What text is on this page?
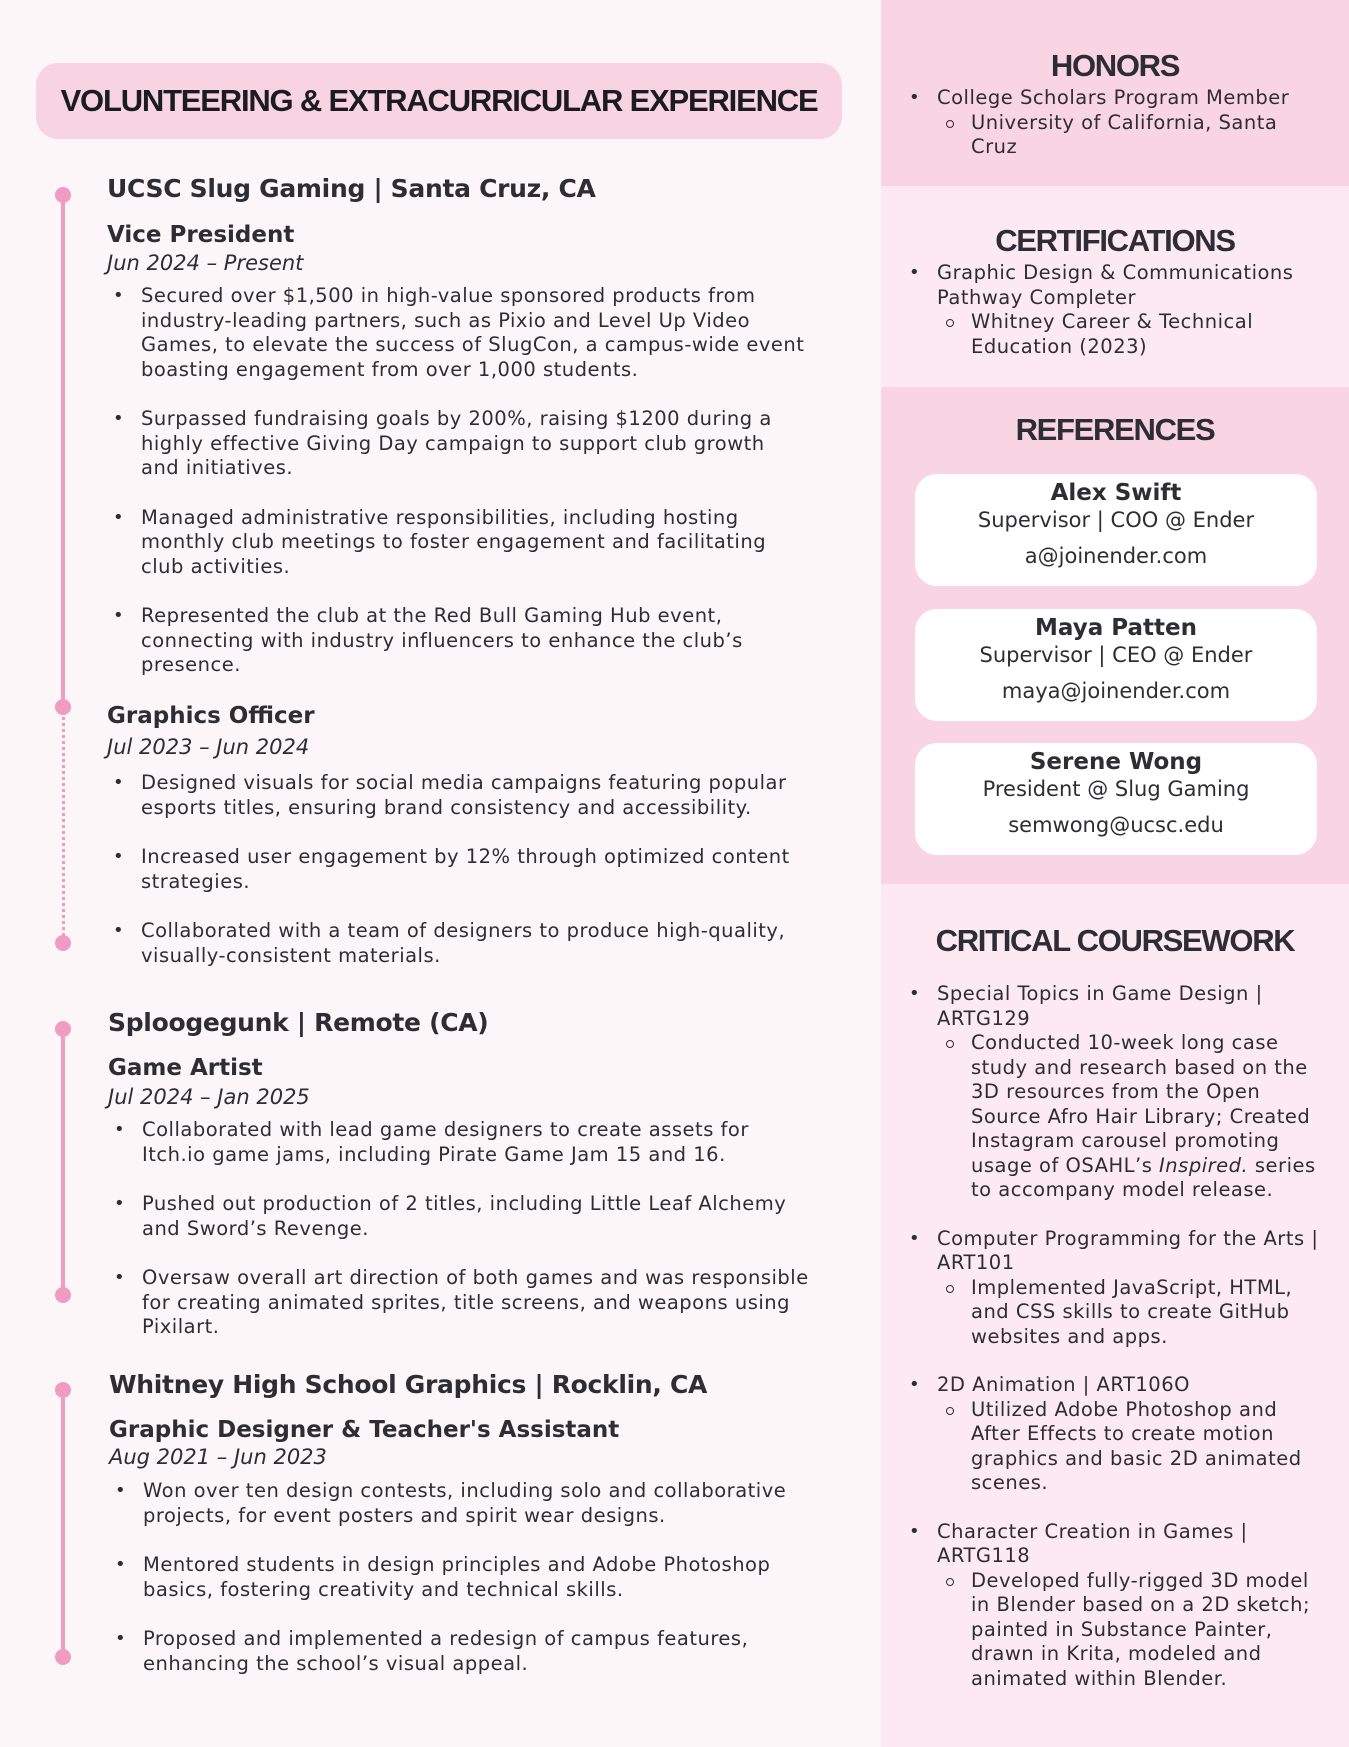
VOLUNTEERING & EXTRACURRICULAR EXPERIENCE
UCSC Slug Gaming | Santa Cruz, CA
Vice President

Jun 2024 – Present

• Secured over $1,500 in high-value sponsored products from industry-leading partners, such as Pixio and Level Up Video Games, to elevate the success of SlugCon, a campus-wide event boasting engagement from over 1,000 students.
• Surpassed fundraising goals by 200%, raising $1200 during a highly effective Giving Day campaign to support club growth and initiatives.
• Managed administrative responsibilities, including hosting monthly club meetings to foster engagement and facilitating club activities.
• Represented the club at the Red Bull Gaming Hub event, connecting with industry influencers to enhance the club’s presence.
Graphics Officer

Jul 2023 – Jun 2024

• Designed visuals for social media campaigns featuring popular esports titles, ensuring brand consistency and accessibility.
• Increased user engagement by 12% through optimized content strategies.
• Collaborated with a team of designers to produce high-quality, visually-consistent materials.
Sploogegunk | Remote (CA)
Game Artist

Jul 2024 – Jan 2025

• Collaborated with lead game designers to create assets for Itch.io game jams, including Pirate Game Jam 15 and 16.
• Pushed out production of 2 titles, including Little Leaf Alchemy and Sword’s Revenge.
• Oversaw overall art direction of both games and was responsible for creating animated sprites, title screens, and weapons using Pixilart.
Whitney High School Graphics | Rocklin, CA
Graphic Designer & Teacher's Assistant

Aug 2021 – Jun 2023

• Won over ten design contests, including solo and collaborative projects, for event posters and spirit wear designs.
• Mentored students in design principles and Adobe Photoshop basics, fostering creativity and technical skills.
• Proposed and implemented a redesign of campus features, enhancing the school’s visual appeal.
HONORS
• College Scholars Program Member
University of California, Santa Cruz
CERTIFICATIONS
• Graphic Design & Communications Pathway Completer
Whitney Career & Technical Education (2023)
REFERENCES
Alex Swift
Supervisor | COO @ Ender
a@joinender.com
Maya Patten
Supervisor | CEO @ Ender
maya@joinender.com
Serene Wong
President @ Slug Gaming
semwong@ucsc.edu
CRITICAL COURSEWORK
• Special Topics in Game Design | ARTG129
Conducted 10-week long case study and research based on the 3D resources from the Open Source Afro Hair Library; Created Instagram carousel promoting usage of OSAHL’s Inspired. series to accompany model release.
• Computer Programming for the Arts | ART101
Implemented JavaScript, HTML, and CSS skills to create GitHub websites and apps.
• 2D Animation | ART106O
Utilized Adobe Photoshop and After Effects to create motion graphics and basic 2D animated scenes.
• Character Creation in Games | ARTG118
Developed fully-rigged 3D model in Blender based on a 2D sketch; painted in Substance Painter, drawn in Krita, modeled and animated within Blender.
